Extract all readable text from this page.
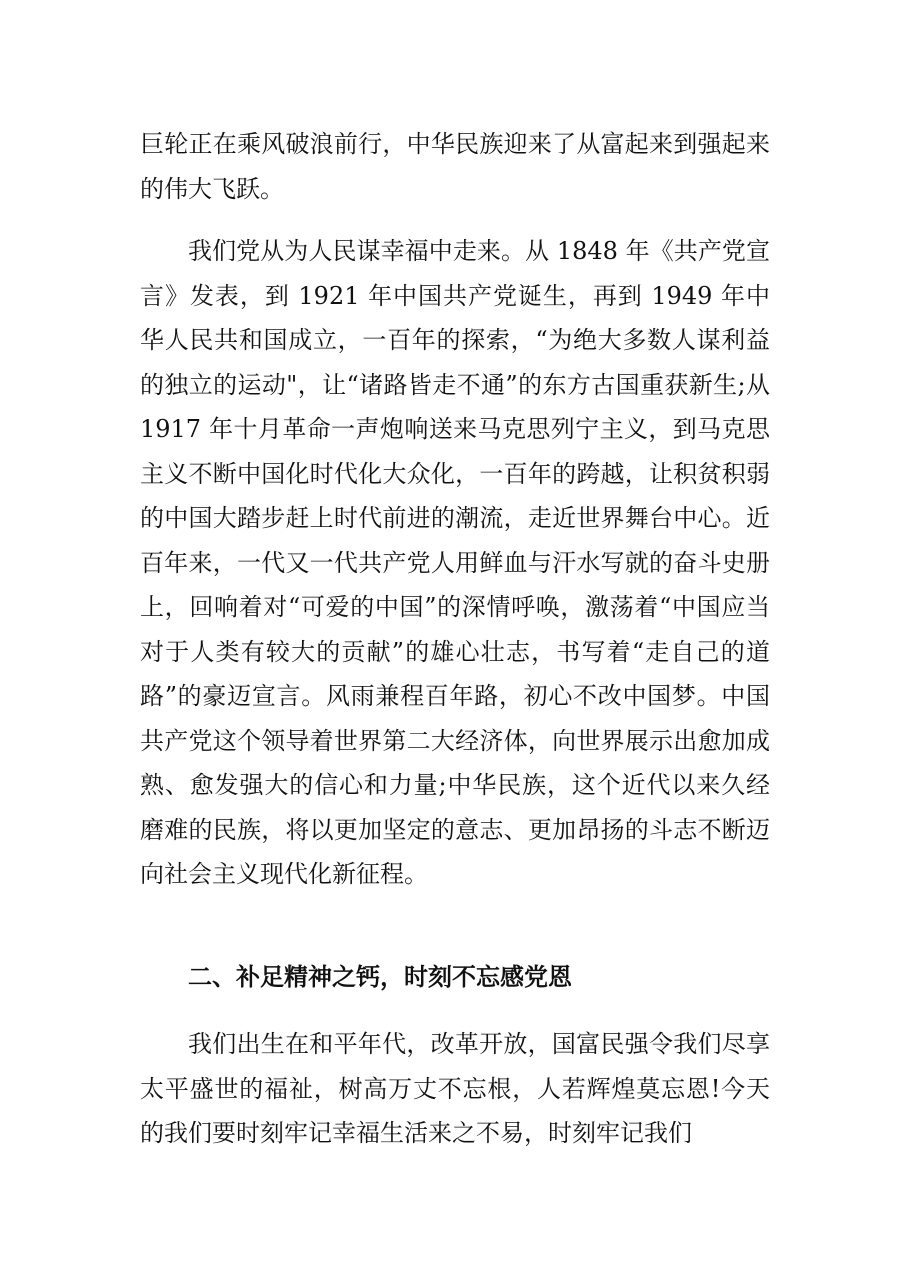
巨轮正在乘风破浪前行，中华民族迎来了从富起来到强起来的伟大飞跃。

我们党从为人民谋幸福中走来。从 1848 年《共产党宣言》发表，到 1921 年中国共产党诞生，再到 1949 年中华人民共和国成立，一百年的探索，“为绝大多数人谋利益的独立的运动"，让“诸路皆走不通”的东方古国重获新生;从 1917 年十月革命一声炮响送来马克思列宁主义，到马克思主义不断中国化时代化大众化，一百年的跨越，让积贫积弱的中国大踏步赶上时代前进的潮流，走近世界舞台中心。近百年来，一代又一代共产党人用鲜血与汗水写就的奋斗史册上，回响着对“可爱的中国”的深情呼唤，激荡着“中国应当对于人类有较大的贡献”的雄心壮志，书写着“走自己的道路”的豪迈宣言。风雨兼程百年路，初心不改中国梦。中国共产党这个领导着世界第二大经济体，向世界展示出愈加成熟、愈发强大的信心和力量;中华民族，这个近代以来久经磨难的民族，将以更加坚定的意志、更加昂扬的斗志不断迈向社会主义现代化新征程。

二、补足精神之钙，时刻不忘感党恩

我们出生在和平年代，改革开放，国富民强令我们尽享太平盛世的福祉，树高万丈不忘根，人若辉煌莫忘恩!今天的我们要时刻牢记幸福生活来之不易，时刻牢记我们
